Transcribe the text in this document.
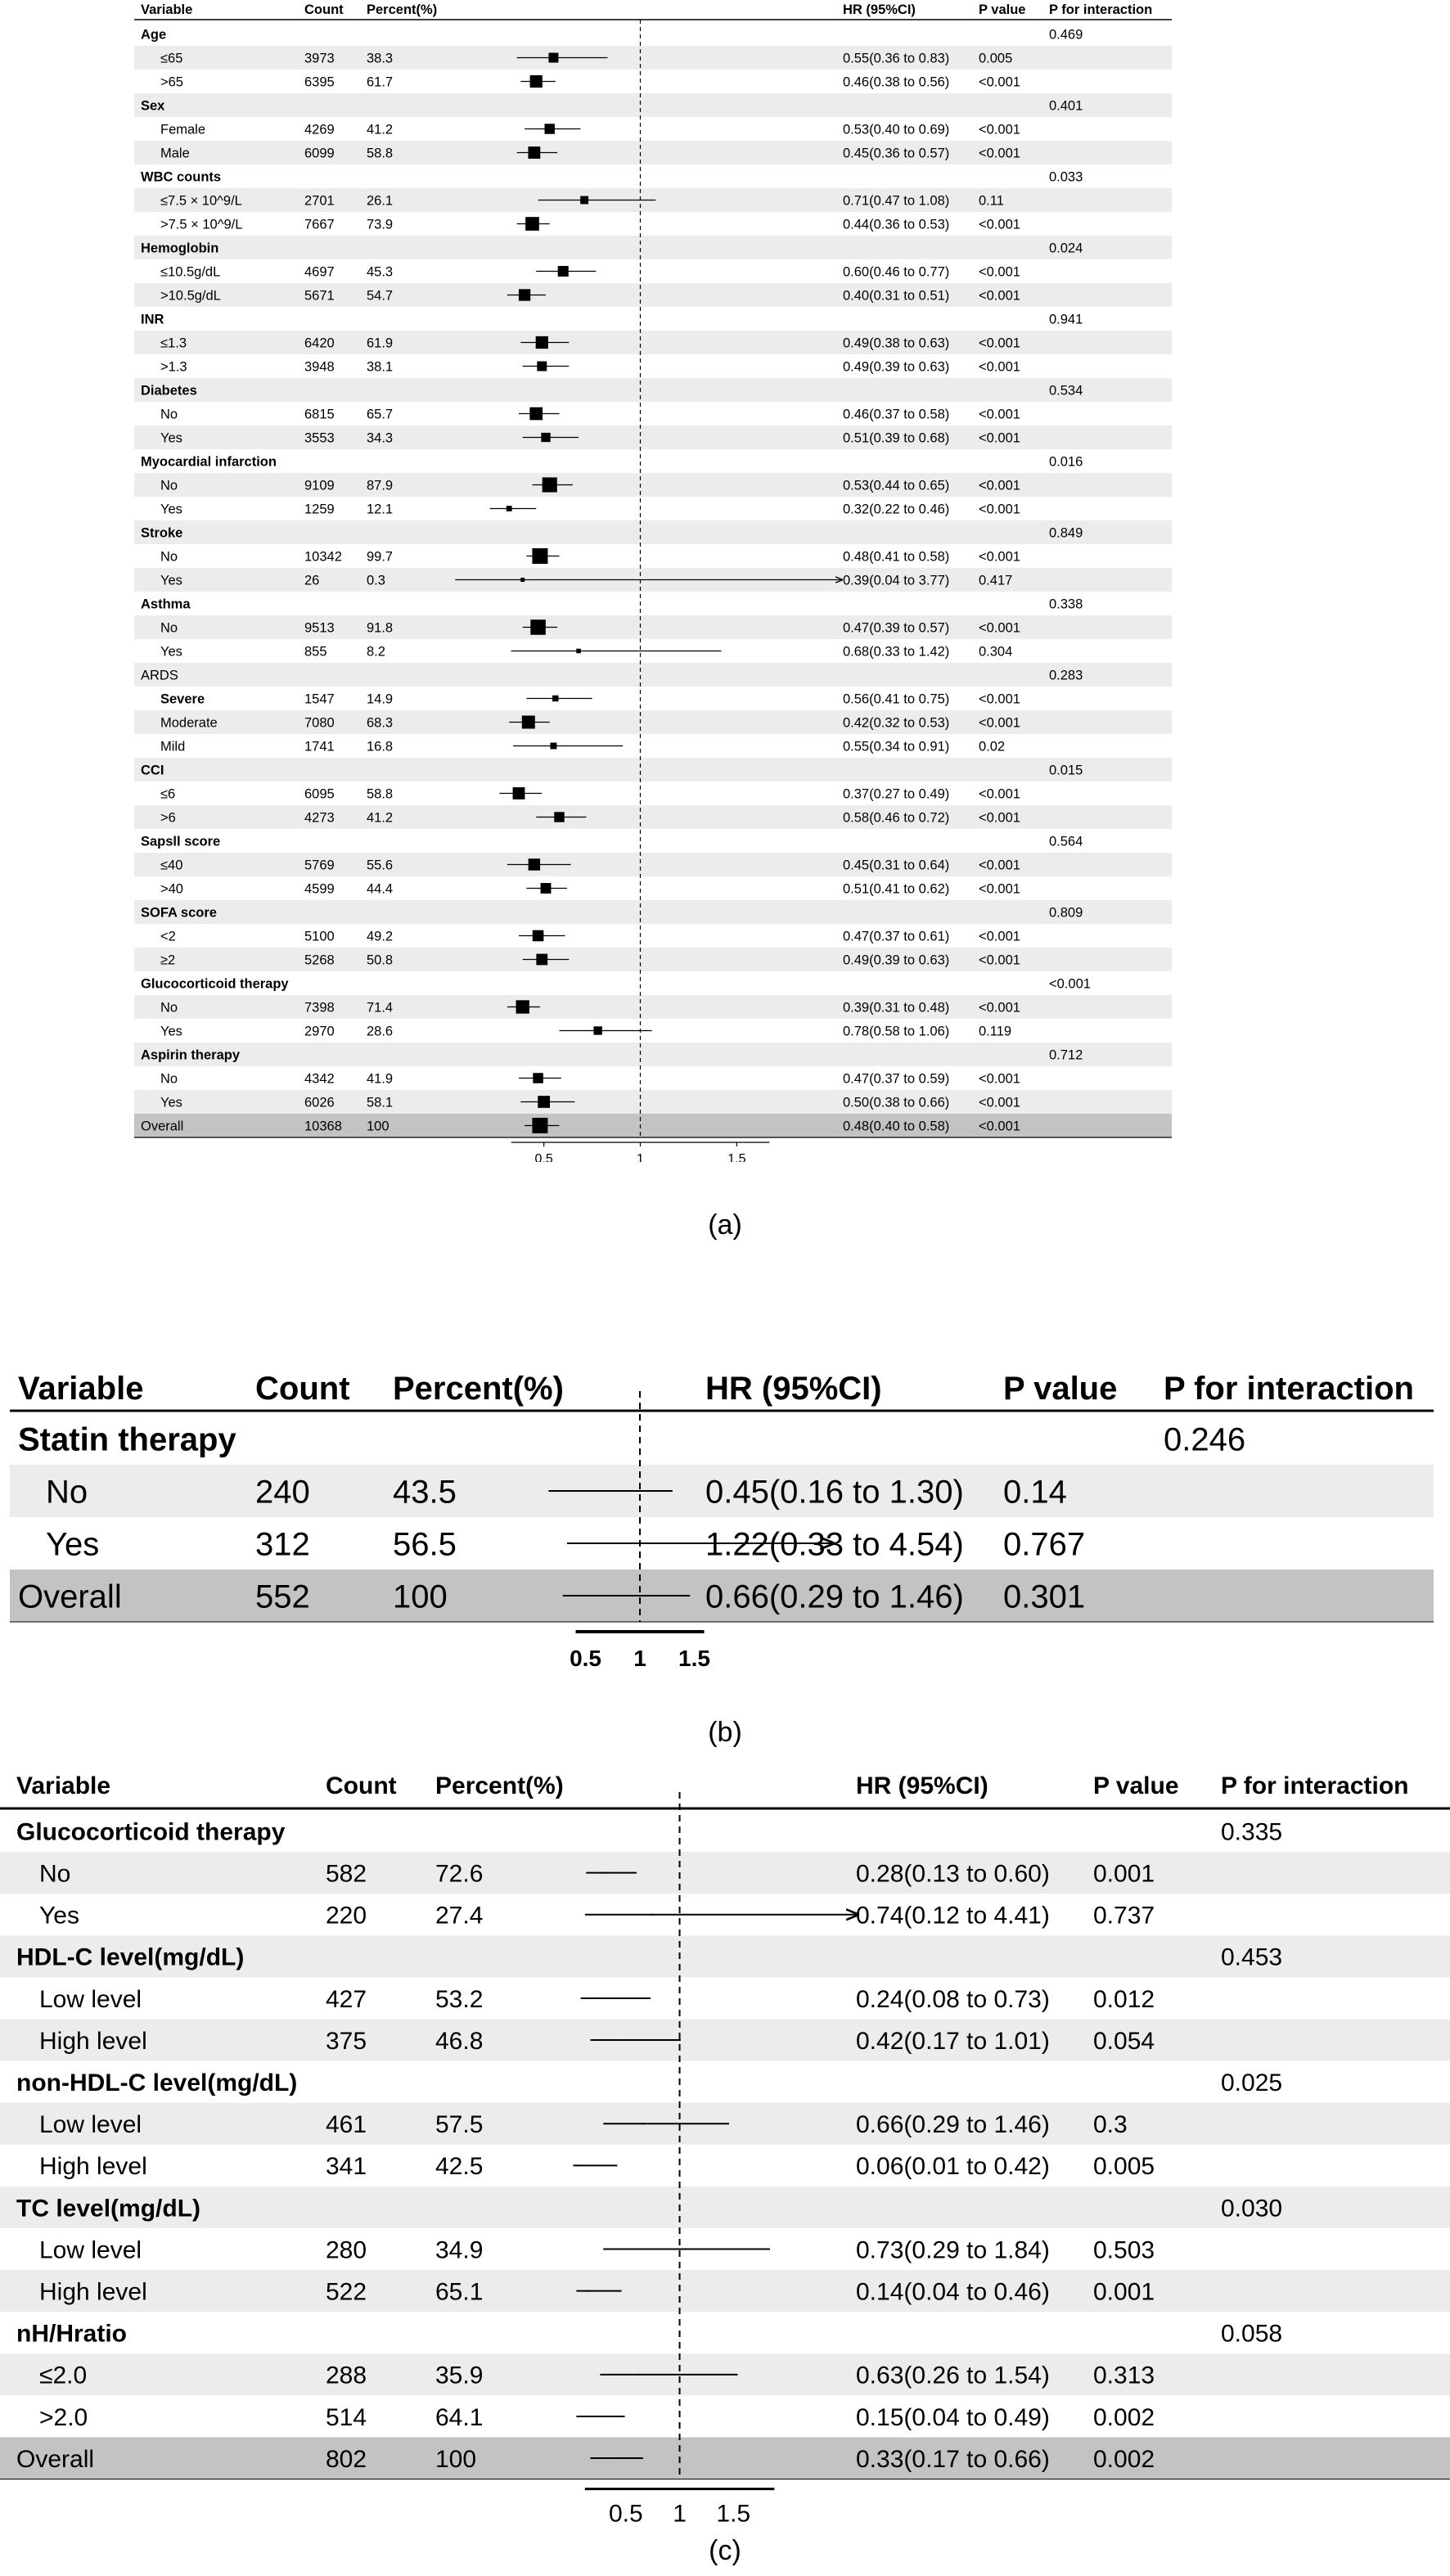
Variable	Count Percent(%)	HR (95%CI)	P value P for interaction
Age	0.469
≤65	3973 38.3	0.55(0.36 to 0.83) 0.005
>65	6395 61.7	0.46(0.38 to 0.56) <0.001
Sex	0.401
Female	4269 41.2	0.53(0.40 to 0.69) <0.001
Male	6099 58.8	0.45(0.36 to 0.57) <0.001
WBC counts	0.033
≤7.5 × 10^9/L	2701 26.1	0.71(0.47 to 1.08) 0.11
>7.5 × 10^9/L	7667 73.9	0.44(0.36 to 0.53) <0.001
Hemoglobin	0.024
≤10.5g/dL	4697 45.3	0.60(0.46 to 0.77) <0.001
>10.5g/dL	5671 54.7	0.40(0.31 to 0.51) <0.001
INR	0.941
≤1.3	6420 61.9	0.49(0.38 to 0.63) <0.001
>1.3	3948 38.1	0.49(0.39 to 0.63) <0.001
Diabetes	0.534
No	6815 65.7	0.46(0.37 to 0.58) <0.001
Yes	3553 34.3	0.51(0.39 to 0.68) <0.001
Myocardial infarction	0.016
No	9109 87.9	0.53(0.44 to 0.65) <0.001
Yes	1259 12.1	0.32(0.22 to 0.46) <0.001
Stroke	0.849
No	10342 99.7	0.48(0.41 to 0.58) <0.001
Yes	26	0.3	0.39(0.04 to 3.77) 0.417
Asthma	0.338
No	9513 91.8	0.47(0.39 to 0.57) <0.001
Yes	855	8.2	0.68(0.33 to 1.42) 0.304
ARDS	0.283
Severe	1547 14.9	0.56(0.41 to 0.75) <0.001
Moderate	7080 68.3	0.42(0.32 to 0.53) <0.001
Mild	1741 16.8	0.55(0.34 to 0.91) 0.02
CCI	0.015
≤6	6095 58.8	0.37(0.27 to 0.49) <0.001
>6	4273 41.2	0.58(0.46 to 0.72) <0.001
Sapsll score	0.564
≤40	5769 55.6	0.45(0.31 to 0.64) <0.001
>40	4599 44.4	0.51(0.41 to 0.62) <0.001
SOFA score	0.809
<2	5100 49.2	0.47(0.37 to 0.61) <0.001
≥2	5268 50.8	0.49(0.39 to 0.63) <0.001
Glucocorticoid therapy	<0.001
No	7398 71.4	0.39(0.31 to 0.48) <0.001
Yes	2970 28.6	0.78(0.58 to 1.06) 0.119
Aspirin therapy	0.712
No	4342 41.9	0.47(0.37 to 0.59) <0.001
Yes	6026 58.1	0.50(0.38 to 0.66) <0.001
Overall	10368 100	0.48(0.40 to 0.58) <0.001
0.5	1	1.5
(a)
Variable	Count Percent(%)	HR (95%CI)	P value P for interaction
Statin therapy	0.246
No	240	43.5	0.45(0.16 to 1.30) 0.14
Yes	312	56.5	1.22(0.33 to 4.54) 0.767
Overall	552	100	0.66(0.29 to 1.46) 0.301
0.5 1 1.5
(b)
Variable	Count Percent(%)	HR (95%CI)	P value P for interaction
Glucocorticoid therapy	0.335
No	582	72.6	0.28(0.13 to 0.60) 0.001
Yes	220	27.4	0.74(0.12 to 4.41) 0.737
HDL-C level(mg/dL)	0.453
Low level	427	53.2	0.24(0.08 to 0.73) 0.012
High level	375	46.8	0.42(0.17 to 1.01) 0.054
non-HDL-C level(mg/dL)	0.025
Low level	461	57.5	0.66(0.29 to 1.46) 0.3
High level	341	42.5	0.06(0.01 to 0.42) 0.005
TC level(mg/dL)	0.030
Low level	280	34.9	0.73(0.29 to 1.84) 0.503
High level	522	65.1	0.14(0.04 to 0.46) 0.001
nH/Hratio	0.058
≤2.0	288	35.9	0.63(0.26 to 1.54) 0.313
>2.0	514	64.1	0.15(0.04 to 0.49) 0.002
Overall	802	100	0.33(0.17 to 0.66) 0.002
0.5 1 1.5
(c)
